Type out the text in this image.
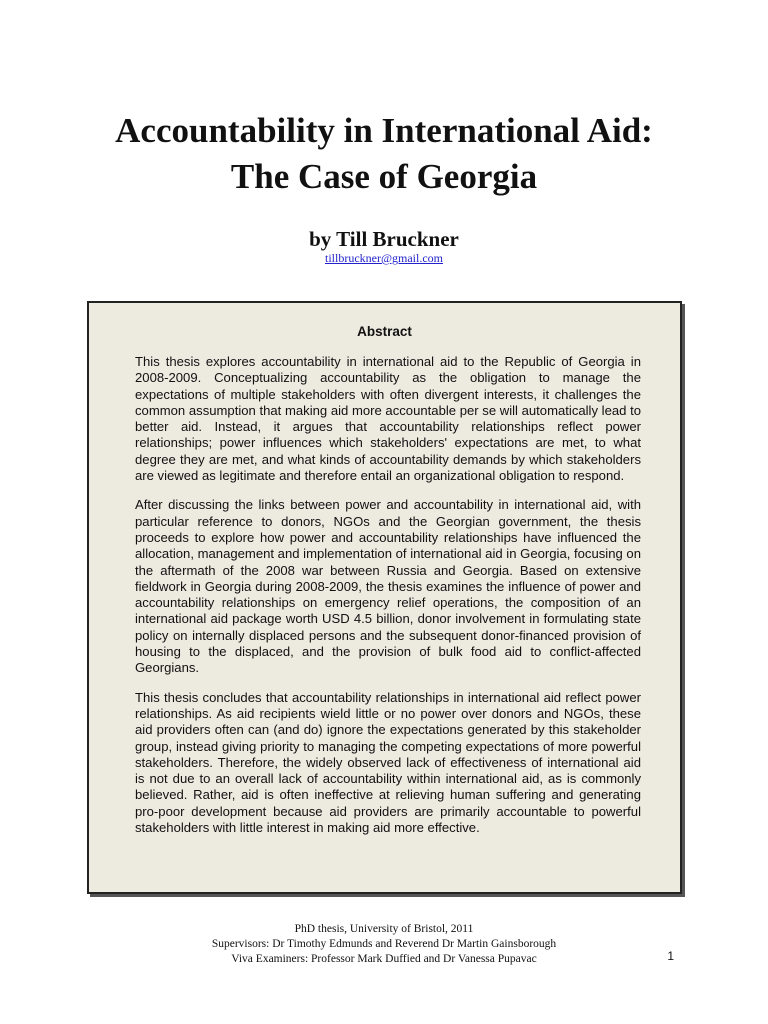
Accountability in International Aid:
The Case of Georgia
by Till Bruckner
tillbruckner@gmail.com
Abstract

This thesis explores accountability in international aid to the Republic of Georgia in 2008-2009. Conceptualizing accountability as the obligation to manage the expectations of multiple stakeholders with often divergent interests, it challenges the common assumption that making aid more accountable per se will automatically lead to better aid. Instead, it argues that accountability relationships reflect power relationships; power influences which stakeholders' expectations are met, to what degree they are met, and what kinds of accountability demands by which stakeholders are viewed as legitimate and therefore entail an organizational obligation to respond.

After discussing the links between power and accountability in international aid, with particular reference to donors, NGOs and the Georgian government, the thesis proceeds to explore how power and accountability relationships have influenced the allocation, management and implementation of international aid in Georgia, focusing on the aftermath of the 2008 war between Russia and Georgia. Based on extensive fieldwork in Georgia during 2008-2009, the thesis examines the influence of power and accountability relationships on emergency relief operations, the composition of an international aid package worth USD 4.5 billion, donor involvement in formulating state policy on internally displaced persons and the subsequent donor-financed provision of housing to the displaced, and the provision of bulk food aid to conflict-affected Georgians.

This thesis concludes that accountability relationships in international aid reflect power relationships. As aid recipients wield little or no power over donors and NGOs, these aid providers often can (and do) ignore the expectations generated by this stakeholder group, instead giving priority to managing the competing expectations of more powerful stakeholders. Therefore, the widely observed lack of effectiveness of international aid is not due to an overall lack of accountability within international aid, as is commonly believed. Rather, aid is often ineffective at relieving human suffering and generating pro-poor development because aid providers are primarily accountable to powerful stakeholders with little interest in making aid more effective.

PhD thesis, University of Bristol, 2011
Supervisors: Dr Timothy Edmunds and Reverend Dr Martin Gainsborough
Viva Examiners: Professor Mark Duffied and Dr Vanessa Pupavac	1
